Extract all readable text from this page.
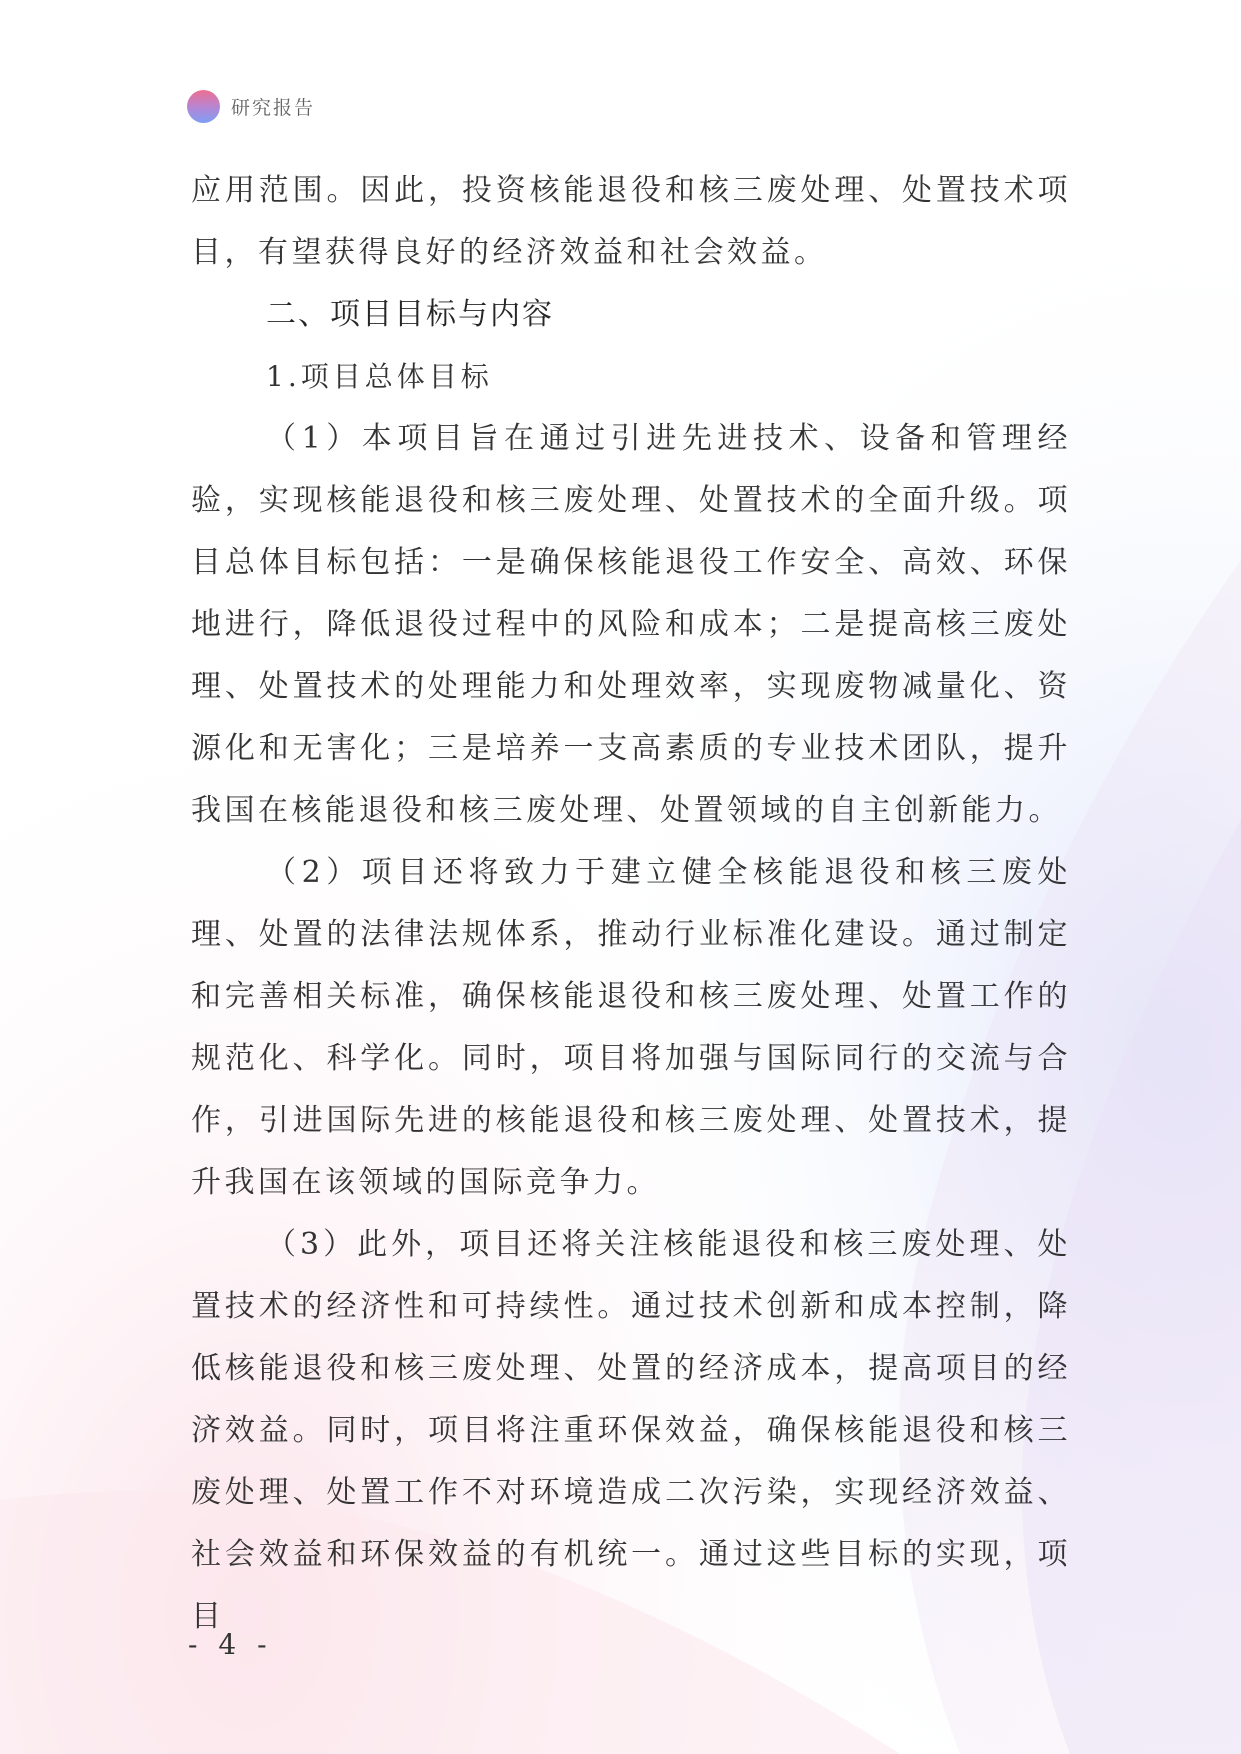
研究报告

应用范围。因此，投资核能退役和核三废处理、处置技术项目，有望获得良好的经济效益和社会效益。

二、项目目标与内容
1.项目总体目标

（1）本项目旨在通过引进先进技术、设备和管理经验，实现核能退役和核三废处理、处置技术的全面升级。项目总体目标包括：一是确保核能退役工作安全、高效、环保地进行，降低退役过程中的风险和成本；二是提高核三废处理、处置技术的处理能力和处理效率，实现废物减量化、资源化和无害化；三是培养一支高素质的专业技术团队，提升我国在核能退役和核三废处理、处置领域的自主创新能力。

（2）项目还将致力于建立健全核能退役和核三废处理、处置的法律法规体系，推动行业标准化建设。通过制定和完善相关标准，确保核能退役和核三废处理、处置工作的规范化、科学化。同时，项目将加强与国际同行的交流与合作，引进国际先进的核能退役和核三废处理、处置技术，提升我国在该领域的国际竞争力。

（3）此外，项目还将关注核能退役和核三废处理、处置技术的经济性和可持续性。通过技术创新和成本控制，降低核能退役和核三废处理、处置的经济成本，提高项目的经济效益。同时，项目将注重环保效益，确保核能退役和核三废处理、处置工作不对环境造成二次污染，实现经济效益、社会效益和环保效益的有机统一。通过这些目标的实现，项目

- 4 -
